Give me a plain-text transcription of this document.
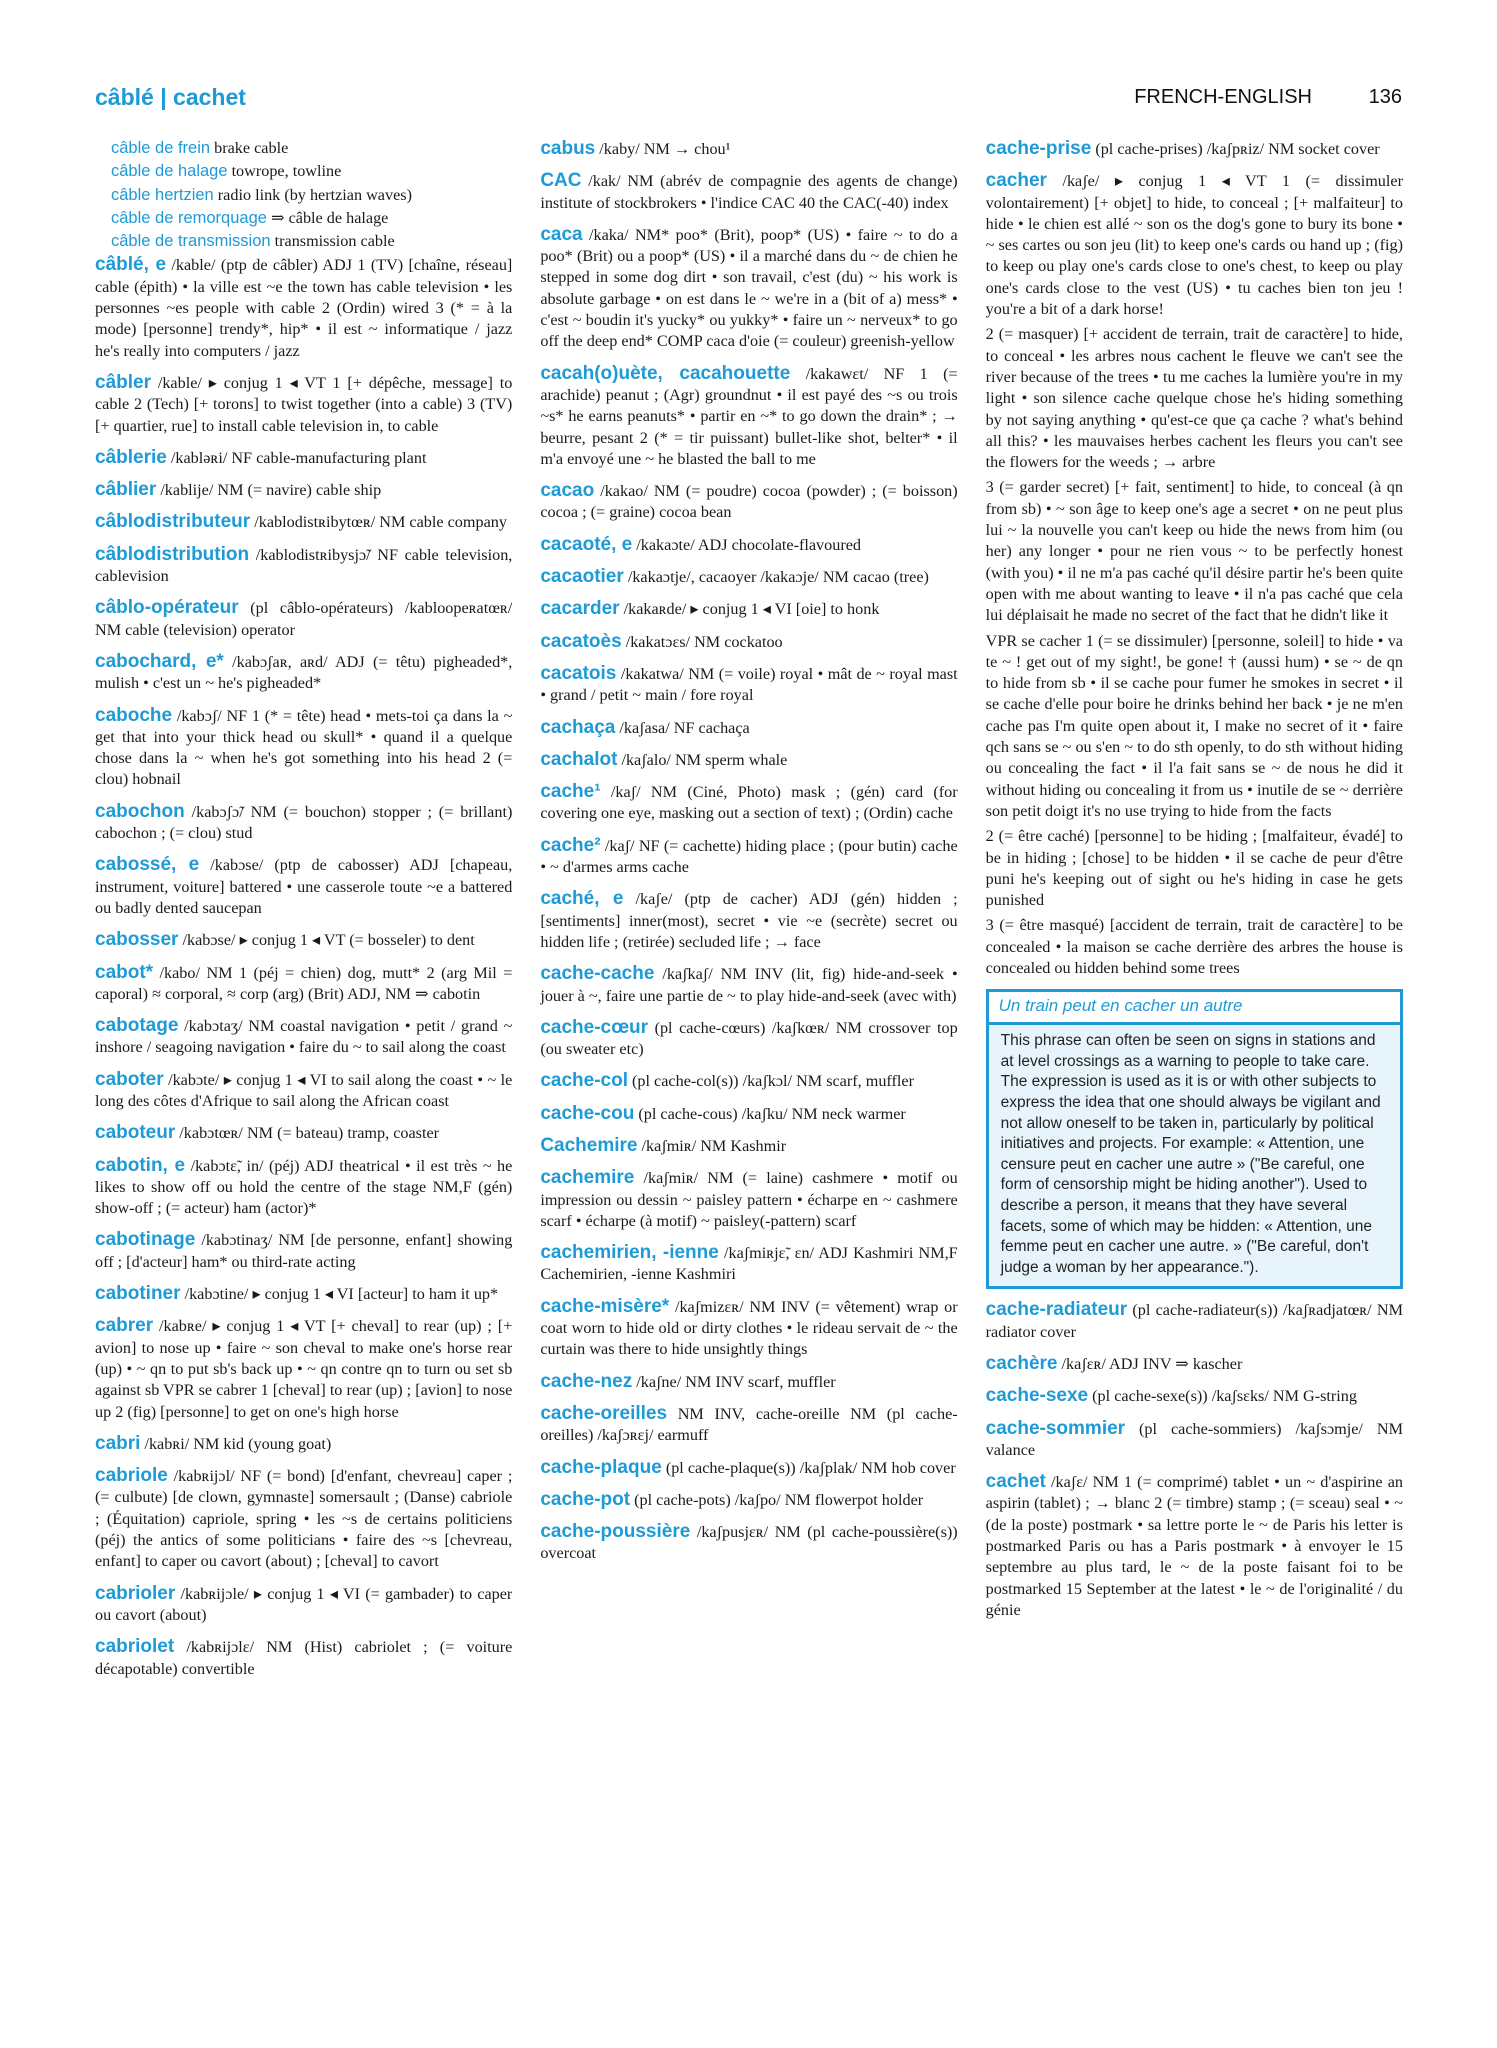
câblé | cachet	FRENCH-ENGLISH	136

câble de frein brake cable

câble de halage towrope, towline

câble hertzien radio link (by hertzian waves)

câble de remorquage ⇒ câble de halage

câble de transmission transmission cable

câblé, e /kable/ (ptp de câbler) ADJ 1 (TV) [chaîne, réseau] cable (épith) • la ville est ~e the town has cable television • les personnes ~es people with cable 2 (Ordin) wired 3 (* = à la mode) [personne] trendy*, hip* • il est ~ informatique / jazz he's really into computers / jazz

câbler /kable/ ▸ conjug 1 ◂ VT 1 [+ dépêche, message] to cable 2 (Tech) [+ torons] to twist together (into a cable) 3 (TV) [+ quartier, rue] to install cable television in, to cable

câblerie /kabləʀi/ NF cable-manufacturing plant

câblier /kablije/ NM (= navire) cable ship

câblodistributeur /kablodistʀibytœʀ/ NM cable company

câblodistribution /kablodistʀibysjɔ̃/ NF cable television, cablevision

câblo-opérateur (pl câblo-opérateurs) /kabloopeʀatœʀ/ NM cable (television) operator

cabochard, e* /kabɔʃaʀ, aʀd/ ADJ (= têtu) pigheaded*, mulish • c'est un ~ he's pigheaded*

caboche /kabɔʃ/ NF 1 (* = tête) head • mets-toi ça dans la ~ get that into your thick head ou skull* • quand il a quelque chose dans la ~ when he's got something into his head 2 (= clou) hobnail

cabochon /kabɔʃɔ̃/ NM (= bouchon) stopper ; (= brillant) cabochon ; (= clou) stud

cabossé, e /kabɔse/ (ptp de cabosser) ADJ [chapeau, instrument, voiture] battered • une casserole toute ~e a battered ou badly dented saucepan

cabosser /kabɔse/ ▸ conjug 1 ◂ VT (= bosseler) to dent

cabot* /kabo/ NM 1 (péj = chien) dog, mutt* 2 (arg Mil = caporal) ≈ corporal, ≈ corp (arg) (Brit) ADJ, NM ⇒ cabotin

cabotage /kabɔtaʒ/ NM coastal navigation • petit / grand ~ inshore / seagoing navigation • faire du ~ to sail along the coast

caboter /kabɔte/ ▸ conjug 1 ◂ VI to sail along the coast • ~ le long des côtes d'Afrique to sail along the African coast

caboteur /kabɔtœʀ/ NM (= bateau) tramp, coaster

cabotin, e /kabɔtɛ̃, in/ (péj) ADJ theatrical • il est très ~ he likes to show off ou hold the centre of the stage NM,F (gén) show-off ; (= acteur) ham (actor)*

cabotinage /kabɔtinaʒ/ NM [de personne, enfant] showing off ; [d'acteur] ham* ou third-rate acting

cabotiner /kabɔtine/ ▸ conjug 1 ◂ VI [acteur] to ham it up*

cabrer /kabʀe/ ▸ conjug 1 ◂ VT [+ cheval] to rear (up) ; [+ avion] to nose up • faire ~ son cheval to make one's horse rear (up) • ~ qn to put sb's back up • ~ qn contre qn to turn ou set sb against sb VPR se cabrer 1 [cheval] to rear (up) ; [avion] to nose up 2 (fig) [personne] to get on one's high horse

cabri /kabʀi/ NM kid (young goat)

cabriole /kabʀijɔl/ NF (= bond) [d'enfant, chevreau] caper ; (= culbute) [de clown, gymnaste] somersault ; (Danse) cabriole ; (Équitation) capriole, spring • les ~s de certains politiciens (péj) the antics of some politicians • faire des ~s [chevreau, enfant] to caper ou cavort (about) ; [cheval] to cavort

cabrioler /kabʀijɔle/ ▸ conjug 1 ◂ VI (= gambader) to caper ou cavort (about)

cabriolet /kabʀijɔlɛ/ NM (Hist) cabriolet ; (= voiture décapotable) convertible

cabus /kaby/ NM → chou¹

CAC /kak/ NM (abrév de compagnie des agents de change) institute of stockbrokers • l'indice CAC 40 the CAC(-40) index

caca /kaka/ NM* poo* (Brit), poop* (US) • faire ~ to do a poo* (Brit) ou a poop* (US) • il a marché dans du ~ de chien he stepped in some dog dirt • son travail, c'est (du) ~ his work is absolute garbage • on est dans le ~ we're in a (bit of a) mess* • c'est ~ boudin it's yucky* ou yukky* • faire un ~ nerveux* to go off the deep end* COMP caca d'oie (= couleur) greenish-yellow

cacah(o)uète, cacahouette /kakawɛt/ NF 1 (= arachide) peanut ; (Agr) groundnut • il est payé des ~s ou trois ~s* he earns peanuts* • partir en ~* to go down the drain* ; → beurre, pesant 2 (* = tir puissant) bullet-like shot, belter* • il m'a envoyé une ~ he blasted the ball to me

cacao /kakao/ NM (= poudre) cocoa (powder) ; (= boisson) cocoa ; (= graine) cocoa bean

cacaoté, e /kakaɔte/ ADJ chocolate-flavoured

cacaotier /kakaɔtje/, cacaoyer /kakaɔje/ NM cacao (tree)

cacarder /kakaʀde/ ▸ conjug 1 ◂ VI [oie] to honk

cacatoès /kakatɔɛs/ NM cockatoo

cacatois /kakatwa/ NM (= voile) royal • mât de ~ royal mast • grand / petit ~ main / fore royal

cachaça /kaʃasa/ NF cachaça

cachalot /kaʃalo/ NM sperm whale

cache¹ /kaʃ/ NM (Ciné, Photo) mask ; (gén) card (for covering one eye, masking out a section of text) ; (Ordin) cache

cache² /kaʃ/ NF (= cachette) hiding place ; (pour butin) cache • ~ d'armes arms cache

caché, e /kaʃe/ (ptp de cacher) ADJ (gén) hidden ; [sentiments] inner(most), secret • vie ~e (secrète) secret ou hidden life ; (retirée) secluded life ; → face

cache-cache /kaʃkaʃ/ NM INV (lit, fig) hide-and-seek • jouer à ~, faire une partie de ~ to play hide-and-seek (avec with)

cache-cœur (pl cache-cœurs) /kaʃkœʀ/ NM crossover top (ou sweater etc)

cache-col (pl cache-col(s)) /kaʃkɔl/ NM scarf, muffler

cache-cou (pl cache-cous) /kaʃku/ NM neck warmer

Cachemire /kaʃmiʀ/ NM Kashmir

cachemire /kaʃmiʀ/ NM (= laine) cashmere • motif ou impression ou dessin ~ paisley pattern • écharpe en ~ cashmere scarf • écharpe (à motif) ~ paisley(-pattern) scarf

cachemirien, -ienne /kaʃmiʀjɛ̃, ɛn/ ADJ Kashmiri NM,F Cachemirien, -ienne Kashmiri

cache-misère* /kaʃmizɛʀ/ NM INV (= vêtement) wrap or coat worn to hide old or dirty clothes • le rideau servait de ~ the curtain was there to hide unsightly things

cache-nez /kaʃne/ NM INV scarf, muffler

cache-oreilles NM INV, cache-oreille NM (pl cache-oreilles) /kaʃɔʀɛj/ earmuff

cache-plaque (pl cache-plaque(s)) /kaʃplak/ NM hob cover

cache-pot (pl cache-pots) /kaʃpo/ NM flowerpot holder

cache-poussière /kaʃpusjɛʀ/ NM (pl cache-poussière(s)) overcoat

cache-prise (pl cache-prises) /kaʃpʀiz/ NM socket cover

cacher /kaʃe/ ▸ conjug 1 ◂ VT 1 (= dissimuler volontairement) [+ objet] to hide, to conceal ; [+ malfaiteur] to hide • le chien est allé ~ son os the dog's gone to bury its bone • ~ ses cartes ou son jeu (lit) to keep one's cards ou hand up ; (fig) to keep ou play one's cards close to one's chest, to keep ou play one's cards close to the vest (US) • tu caches bien ton jeu ! you're a bit of a dark horse!

2 (= masquer) [+ accident de terrain, trait de caractère] to hide, to conceal • les arbres nous cachent le fleuve we can't see the river because of the trees • tu me caches la lumière you're in my light • son silence cache quelque chose he's hiding something by not saying anything • qu'est-ce que ça cache ? what's behind all this? • les mauvaises herbes cachent les fleurs you can't see the flowers for the weeds ; → arbre

3 (= garder secret) [+ fait, sentiment] to hide, to conceal (à qn from sb) • ~ son âge to keep one's age a secret • on ne peut plus lui ~ la nouvelle you can't keep ou hide the news from him (ou her) any longer • pour ne rien vous ~ to be perfectly honest (with you) • il ne m'a pas caché qu'il désire partir he's been quite open with me about wanting to leave • il n'a pas caché que cela lui déplaisait he made no secret of the fact that he didn't like it

VPR se cacher 1 (= se dissimuler) [personne, soleil] to hide • va te ~ ! get out of my sight!, be gone! † (aussi hum) • se ~ de qn to hide from sb • il se cache pour fumer he smokes in secret • il se cache d'elle pour boire he drinks behind her back • je ne m'en cache pas I'm quite open about it, I make no secret of it • faire qch sans se ~ ou s'en ~ to do sth openly, to do sth without hiding ou concealing the fact • il l'a fait sans se ~ de nous he did it without hiding ou concealing it from us • inutile de se ~ derrière son petit doigt it's no use trying to hide from the facts

2 (= être caché) [personne] to be hiding ; [malfaiteur, évadé] to be in hiding ; [chose] to be hidden • il se cache de peur d'être puni he's keeping out of sight ou he's hiding in case he gets punished

3 (= être masqué) [accident de terrain, trait de caractère] to be concealed • la maison se cache derrière des arbres the house is concealed ou hidden behind some trees

Un train peut en cacher un autre
This phrase can often be seen on signs in stations and at level crossings as a warning to people to take care. The expression is used as it is or with other subjects to express the idea that one should always be vigilant and not allow oneself to be taken in, particularly by political initiatives and projects. For example: « Attention, une censure peut en cacher une autre » ("Be careful, one form of censorship might be hiding another"). Used to describe a person, it means that they have several facets, some of which may be hidden: « Attention, une femme peut en cacher une autre. » ("Be careful, don't judge a woman by her appearance.").

cache-radiateur (pl cache-radiateur(s)) /kaʃʀadjatœʀ/ NM radiator cover

cachère /kaʃɛʀ/ ADJ INV ⇒ kascher

cache-sexe (pl cache-sexe(s)) /kaʃsɛks/ NM G-string

cache-sommier (pl cache-sommiers) /kaʃsɔmje/ NM valance

cachet /kaʃɛ/ NM 1 (= comprimé) tablet • un ~ d'aspirine an aspirin (tablet) ; → blanc 2 (= timbre) stamp ; (= sceau) seal • ~ (de la poste) postmark • sa lettre porte le ~ de Paris his letter is postmarked Paris ou has a Paris postmark • à envoyer le 15 septembre au plus tard, le ~ de la poste faisant foi to be postmarked 15 September at the latest • le ~ de l'originalité / du génie
